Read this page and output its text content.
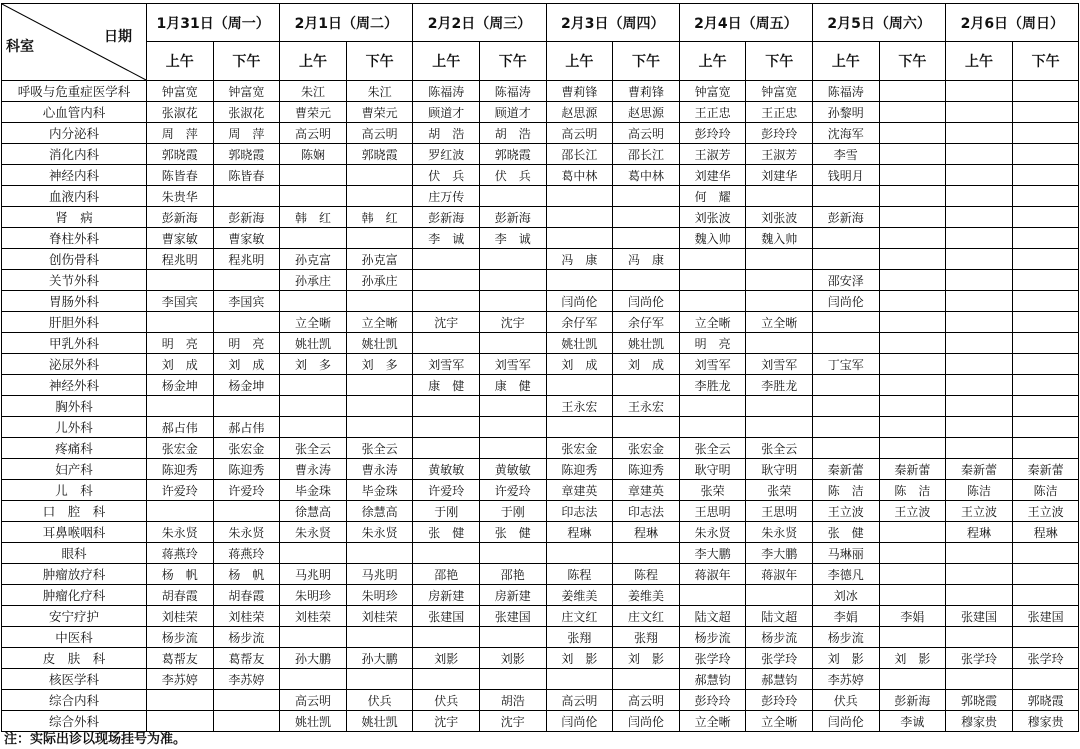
日期
科室	1月31日（周一）		2月1日（周二）		2月2日（周三）		2月3日（周四）		2月4日（周五）		2月5日（周六）		2月6日（周日）	
	上午	下午	上午	下午	上午	下午	上午	下午	上午	下午	上午	下午	上午	下午
呼吸与危重症医学科	钟富宽	钟富宽	朱江	朱江	陈福涛	陈福涛	曹莉锋	曹莉锋	钟富宽	钟富宽	陈福涛			
心血管内科	张淑花	张淑花	曹荣元	曹荣元	顾道才	顾道才	赵思源	赵思源	王正忠	王正忠	孙黎明			
内分泌科	周　萍	周　萍	高云明	高云明	胡　浩	胡　浩	高云明	高云明	彭玲玲	彭玲玲	沈海军			
消化内科	郭晓霞	郭晓霞	陈娴	郭晓霞	罗红波	郭晓霞	邵长江	邵长江	王淑芳	王淑芳	李雪			
神经内科	陈皆春	陈皆春			伏　兵	伏　兵	葛中林	葛中林	刘建华	刘建华	钱明月			
血液内科	朱贵华				庄万传				何　耀					
肾　病	彭新海	彭新海	韩　红	韩　红	彭新海	彭新海			刘张波	刘张波	彭新海			
脊柱外科	曹家敏	曹家敏			李　诚	李　诚			魏入帅	魏入帅				
创伤骨科	程兆明	程兆明	孙克富	孙克富			冯　康	冯　康						
关节外科			孙承庄	孙承庄							邵安泽			
胃肠外科	李国宾	李国宾					闫尚伦	闫尚伦			闫尚伦			
肝胆外科			立全晰	立全晰	沈宇	沈宇	余仔军	余仔军	立全晰	立全晰				
甲乳外科	明　亮	明　亮	姚壮凯	姚壮凯			姚壮凯	姚壮凯	明　亮					
泌尿外科	刘　成	刘　成	刘　多	刘　多	刘雪军	刘雪军	刘　成	刘　成	刘雪军	刘雪军	丁宝军			
神经外科	杨金坤	杨金坤			康　健	康　健			李胜龙	李胜龙				
胸外科							王永宏	王永宏						
儿外科	郝占伟	郝占伟												
疼痛科	张宏金	张宏金	张全云	张全云			张宏金	张宏金	张全云	张全云				
妇产科	陈迎秀	陈迎秀	曹永涛	曹永涛	黄敏敏	黄敏敏	陈迎秀	陈迎秀	耿守明	耿守明	秦新蕾	秦新蕾	秦新蕾	秦新蕾
儿　科	许爱玲	许爱玲	毕金珠	毕金珠	许爱玲	许爱玲	章建英	章建英	张荣	张荣	陈　洁	陈　洁	陈洁	陈洁
口　腔　科			徐慧高	徐慧高	于刚	于刚	印志法	印志法	王思明	王思明	王立波	王立波	王立波	王立波
耳鼻喉咽科	朱永贤	朱永贤	朱永贤	朱永贤	张　健	张　健	程琳	程琳	朱永贤	朱永贤	张　健		程琳	程琳
眼科	蒋燕玲	蒋燕玲							李大鹏	李大鹏	马琳丽			
肿瘤放疗科	杨　帆	杨　帆	马兆明	马兆明	邵艳	邵艳	陈程	陈程	蒋淑年	蒋淑年	李德凡			
肿瘤化疗科	胡春霞	胡春霞	朱明珍	朱明珍	房新建	房新建	姜维美	姜维美			刘冰			
安宁疗护	刘桂荣	刘桂荣	刘桂荣	刘桂荣	张建国	张建国	庄文红	庄文红	陆文超	陆文超	李娟	李娟	张建国	张建国
中医科	杨步流	杨步流					张翔	张翔	杨步流	杨步流	杨步流			
皮　肤　科	葛帮友	葛帮友	孙大鹏	孙大鹏	刘影	刘影	刘　影	刘　影	张学玲	张学玲	刘　影	刘　影	张学玲	张学玲
核医学科	李苏婷	李苏婷							郝慧钧	郝慧钧	李苏婷			
综合内科			高云明	伏兵	伏兵	胡浩	高云明	高云明	彭玲玲	彭玲玲	伏兵	彭新海	郭晓霞	郭晓霞
综合外科			姚壮凯	姚壮凯	沈宇	沈宇	闫尚伦	闫尚伦	立全晰	立全晰	闫尚伦	李诚	穆家贵	穆家贵
注：实际出诊以现场挂号为准。
